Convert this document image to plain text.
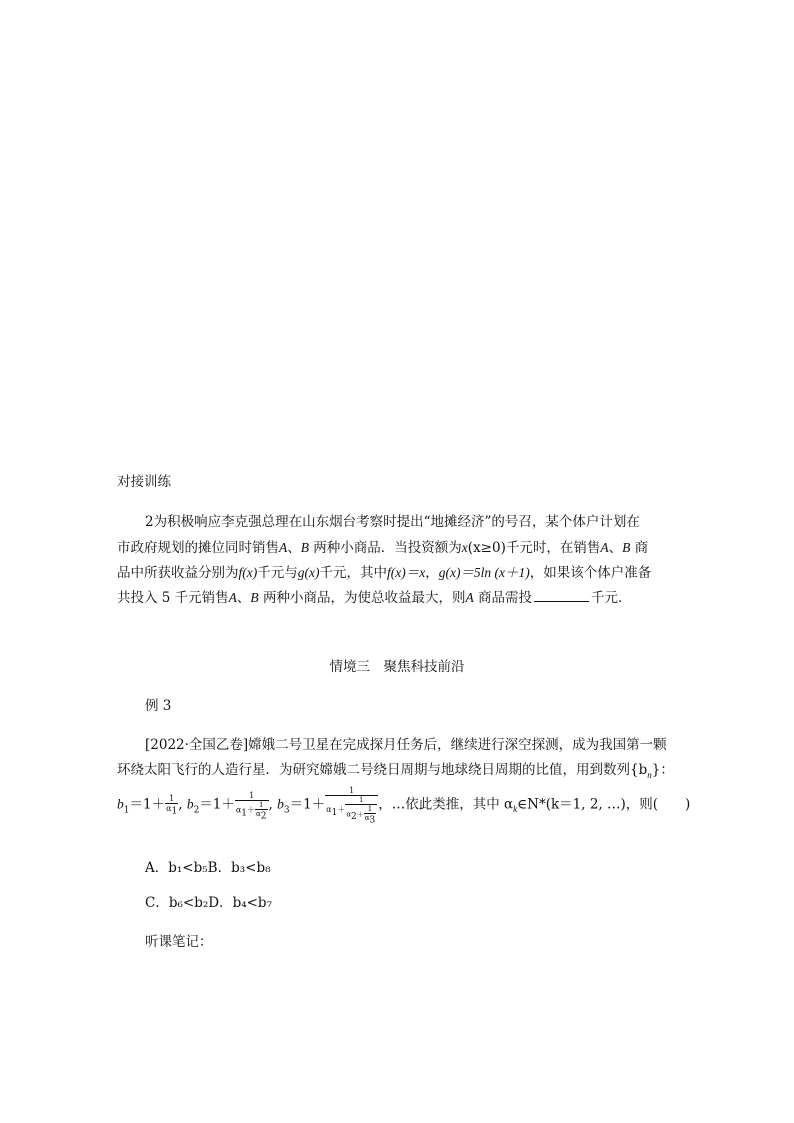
对接训练
2为积极响应李克强总理在山东烟台考察时提出“地摊经济”的号召，某个体户计划在
市政府规划的摊位同时销售A、B 两种小商品．当投资额为x(x≥0)千元时，在销售A、B 商
品中所获收益分别为f(x)千元与g(x)千元，其中f(x)＝x，g(x)＝5ln (x＋1)，如果该个体户准备
共投入 5 千元销售A、B 两种小商品，为使总收益最大，则A 商品需投	千元．
情境三　聚焦科技前沿
例 3
[2022·全国乙卷]嫦娥二号卫星在完成探月任务后，继续进行深空探测，成为我国第一颗
环绕太阳飞行的人造行星．为研究嫦娥二号绕日周期与地球绕日周期的比值，用到数列$\{b_n\}$：
$b_1=1+ \frac{1}{\alpha_1}$ , $b_2=1+ \frac{1}{\alpha_1+ \frac{1}{\alpha_2}}$ , $b_3=1+ \frac{1}{\alpha_1+ \frac{1}{\alpha_2+ \frac{1}{\alpha_3}}}$ ，…依此类推，其中 $\alpha_k\in N*(k=1$, 2, …)，则(　　)
A．b₁<b₅B．b₃<b₈
C．b₆<b₂D．b₄<b₇
听课笔记：
